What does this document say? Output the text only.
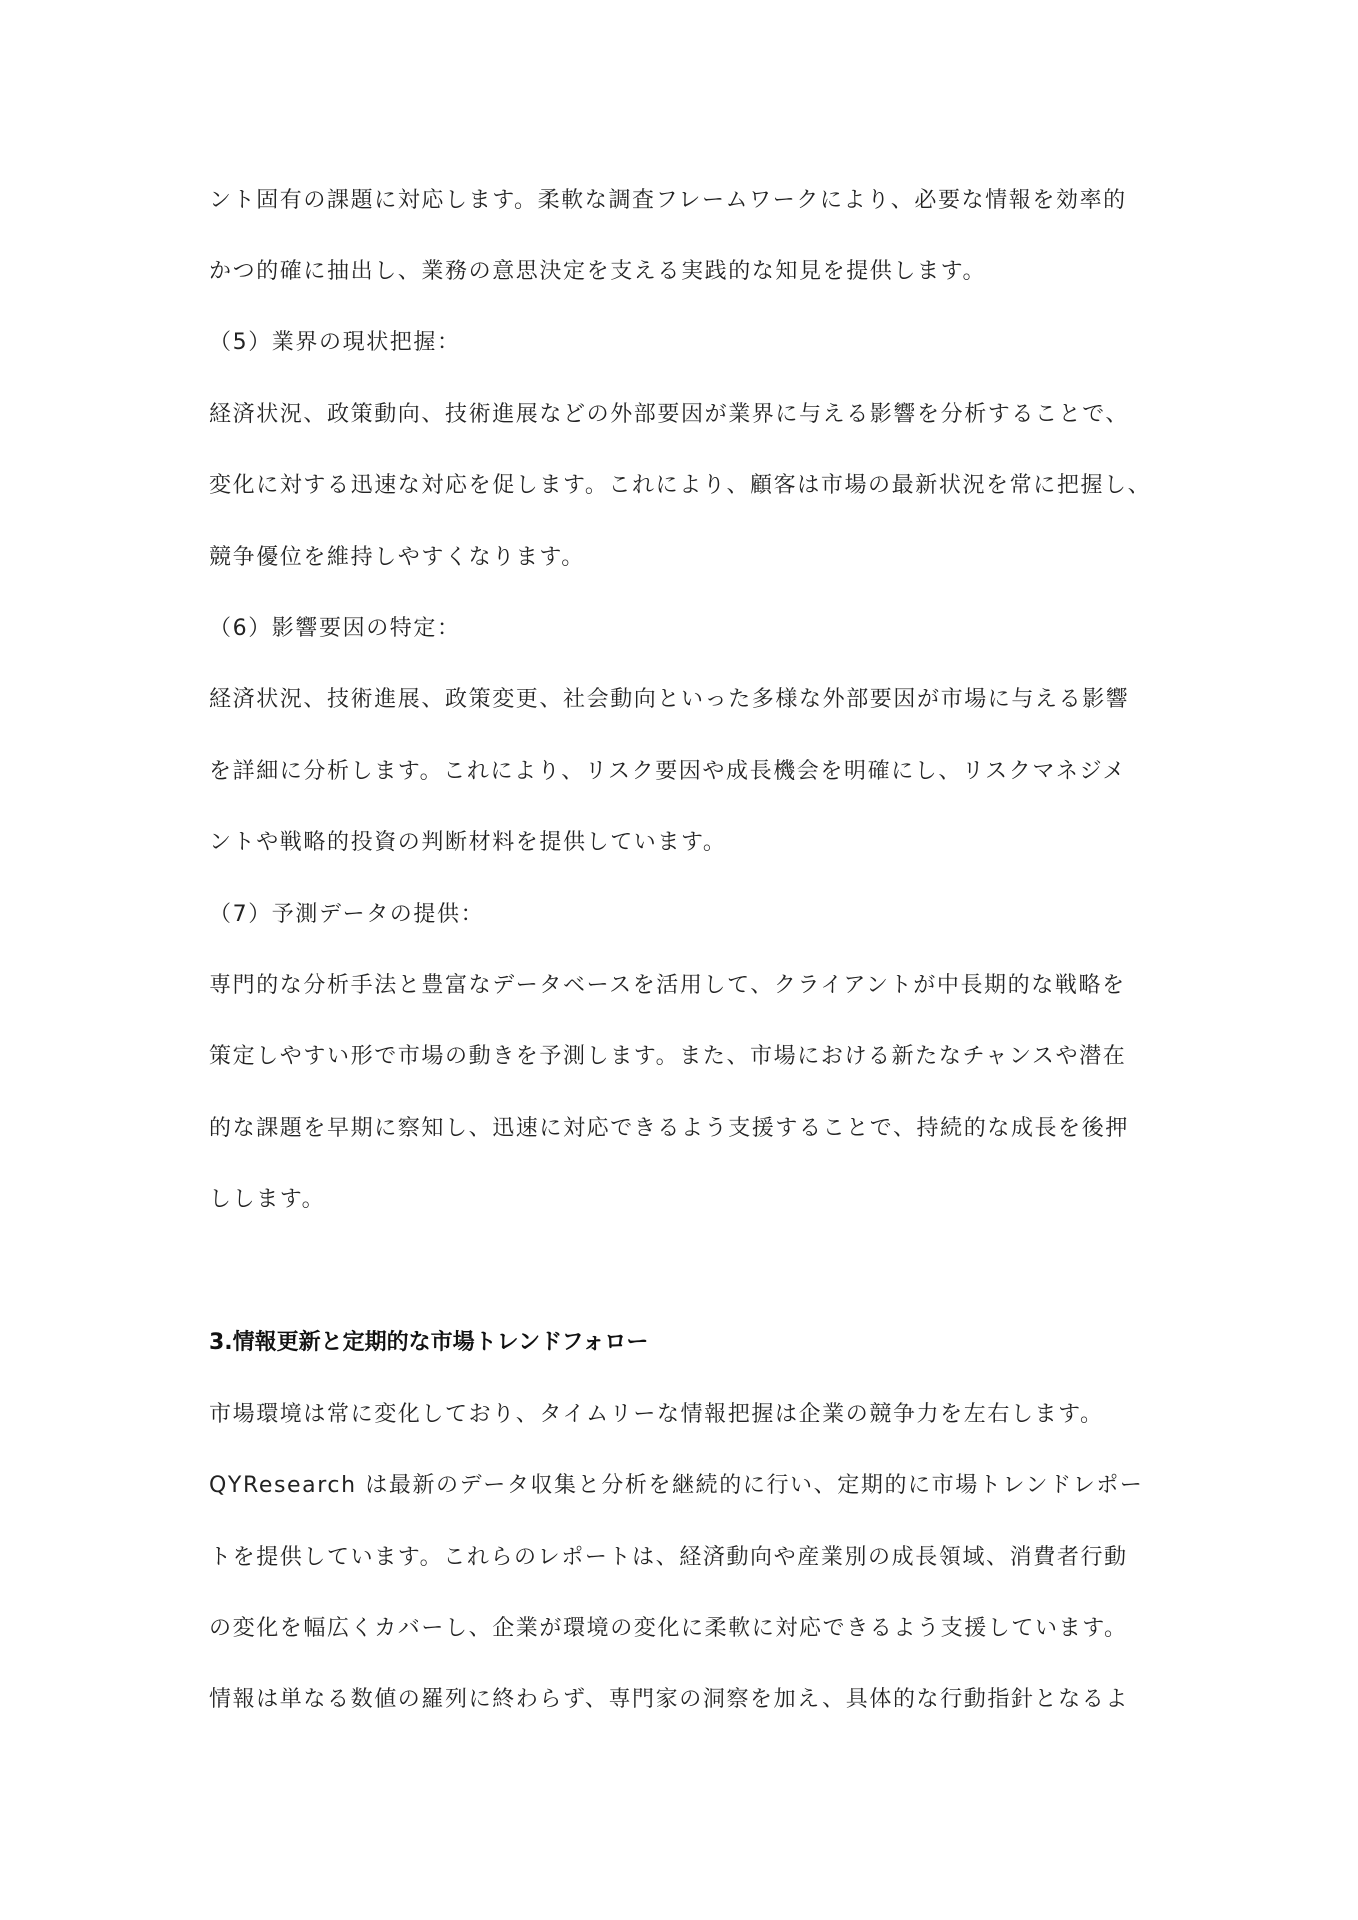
ント固有の課題に対応します。柔軟な調査フレームワークにより、必要な情報を効率的
かつ的確に抽出し、業務の意思決定を支える実践的な知見を提供します。
（5）業界の現状把握：
経済状況、政策動向、技術進展などの外部要因が業界に与える影響を分析することで、
変化に対する迅速な対応を促します。これにより、顧客は市場の最新状況を常に把握し、
競争優位を維持しやすくなります。
（6）影響要因の特定：
経済状況、技術進展、政策変更、社会動向といった多様な外部要因が市場に与える影響
を詳細に分析します。これにより、リスク要因や成長機会を明確にし、リスクマネジメ
ントや戦略的投資の判断材料を提供しています。
（7）予測データの提供：
専門的な分析手法と豊富なデータベースを活用して、クライアントが中長期的な戦略を
策定しやすい形で市場の動きを予測します。また、市場における新たなチャンスや潜在
的な課題を早期に察知し、迅速に対応できるよう支援することで、持続的な成長を後押
しします。
3.情報更新と定期的な市場トレンドフォロー
市場環境は常に変化しており、タイムリーな情報把握は企業の競争力を左右します。
QYResearch は最新のデータ収集と分析を継続的に行い、定期的に市場トレンドレポー
トを提供しています。これらのレポートは、経済動向や産業別の成長領域、消費者行動
の変化を幅広くカバーし、企業が環境の変化に柔軟に対応できるよう支援しています。
情報は単なる数値の羅列に終わらず、専門家の洞察を加え、具体的な行動指針となるよ
